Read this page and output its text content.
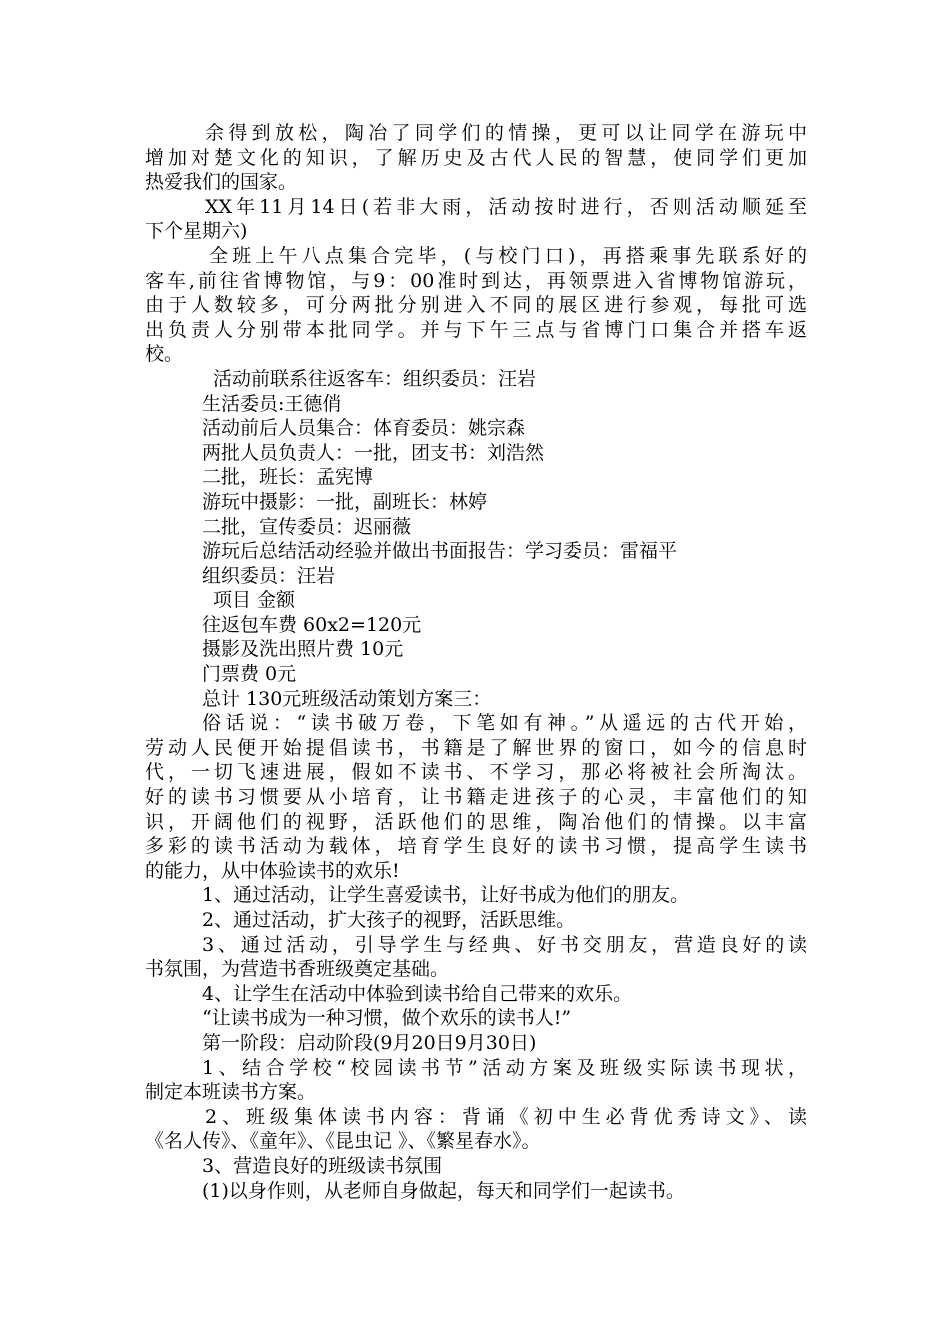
余得到放松，陶冶了同学们的情操，更可以让同学在游玩中
增加对楚文化的知识，了解历史及古代人民的智慧，使同学们更加
热爱我们的国家。
XX年11月14日(若非大雨，活动按时进行，否则活动顺延至
下个星期六)
全班上午八点集合完毕，(与校门口)，再搭乘事先联系好的
客车,前往省博物馆，与9：00准时到达，再领票进入省博物馆游玩，
由于人数较多，可分两批分别进入不同的展区进行参观，每批可选
出负责人分别带本批同学。并与下午三点与省博门口集合并搭车返
校。
活动前联系往返客车：组织委员：汪岩
生活委员:王德俏
活动前后人员集合：体育委员：姚宗森
两批人员负责人：一批，团支书：刘浩然
二批，班长：孟宪博
游玩中摄影：一批，副班长：林婷
二批，宣传委员：迟丽薇
游玩后总结活动经验并做出书面报告：学习委员：雷福平
组织委员：汪岩
项目 金额
往返包车费 60x2=120元
摄影及洗出照片费 10元
门票费 0元
总计 130元班级活动策划方案三：
俗话说：“读书破万卷，下笔如有神。”从遥远的古代开始，
劳动人民便开始提倡读书，书籍是了解世界的窗口，如今的信息时
代，一切飞速进展，假如不读书、不学习，那必将被社会所淘汰。
好的读书习惯要从小培育，让书籍走进孩子的心灵，丰富他们的知
识，开阔他们的视野，活跃他们的思维，陶冶他们的情操。以丰富
多彩的读书活动为载体，培育学生良好的读书习惯，提高学生读书
的能力，从中体验读书的欢乐!
1、通过活动，让学生喜爱读书，让好书成为他们的朋友。
2、通过活动，扩大孩子的视野，活跃思维。
3、通过活动，引导学生与经典、好书交朋友，营造良好的读
书氛围，为营造书香班级奠定基础。
4、让学生在活动中体验到读书给自己带来的欢乐。
“让读书成为一种习惯，做个欢乐的读书人!”
第一阶段：启动阶段(9月20日9月30日)
1、结合学校“校园读书节”活动方案及班级实际读书现状，
制定本班读书方案。
2、班级集体读书内容：背诵《初中生必背优秀诗文》、读
《名人传》、《童年》、《昆虫记 》、《繁星春水》。
3、营造良好的班级读书氛围
(1)以身作则，从老师自身做起，每天和同学们一起读书。
